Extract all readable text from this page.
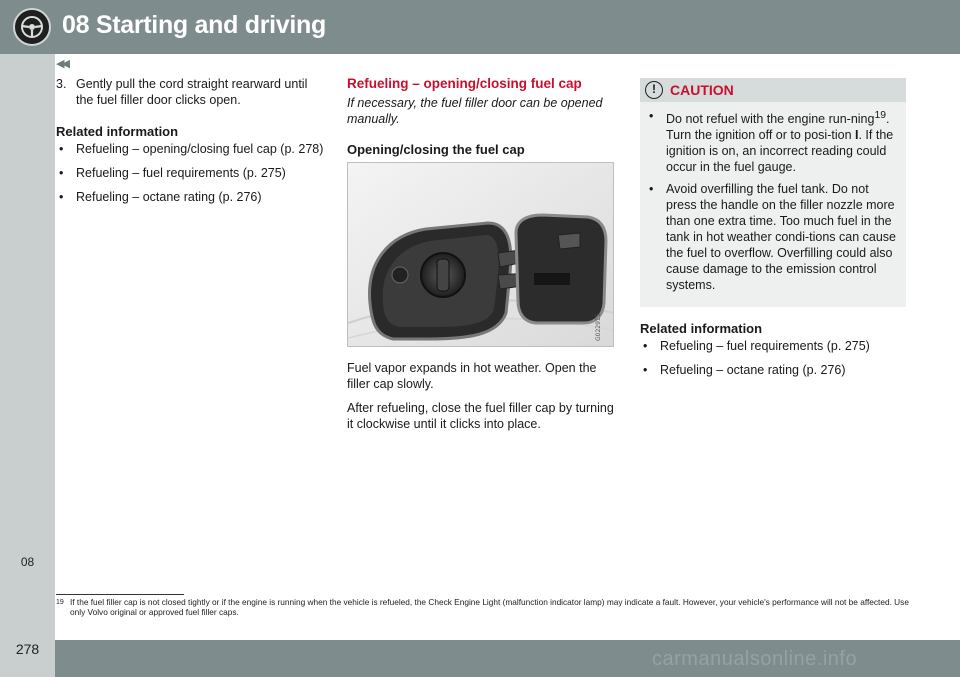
08 Starting and driving
◀◀
08
3. Gently pull the cord straight rearward until the fuel filler door clicks open.
Related information
• Refueling – opening/closing fuel cap (p. 278)
• Refueling – fuel requirements (p. 275)
• Refueling – octane rating (p. 276)
Refueling – opening/closing fuel cap
If necessary, the fuel filler door can be opened manually.
Opening/closing the fuel cap
G022915
Fuel vapor expands in hot weather. Open the filler cap slowly.
After refueling, close the fuel filler cap by turning it clockwise until it clicks into place.
!	CAUTION
• Do not refuel with the engine run-ning$^{19}$. Turn the ignition off or to posi-tion I. If the ignition is on, an incorrect reading could occur in the fuel gauge.
• Avoid overfilling the fuel tank. Do not press the handle on the filler nozzle more than one extra time. Too much fuel in the tank in hot weather condi-tions can cause the fuel to overflow. Overfilling could also cause damage to the emission control systems.
Related information
• Refueling – fuel requirements (p. 275)
• Refueling – octane rating (p. 276)
19 If the fuel filler cap is not closed tightly or if the engine is running when the vehicle is refueled, the Check Engine Light (malfunction indicator lamp) may indicate a fault. However, your vehicle's performance will not be affected. Use only Volvo original or approved fuel filler caps.
278	carmanualsonline.info
